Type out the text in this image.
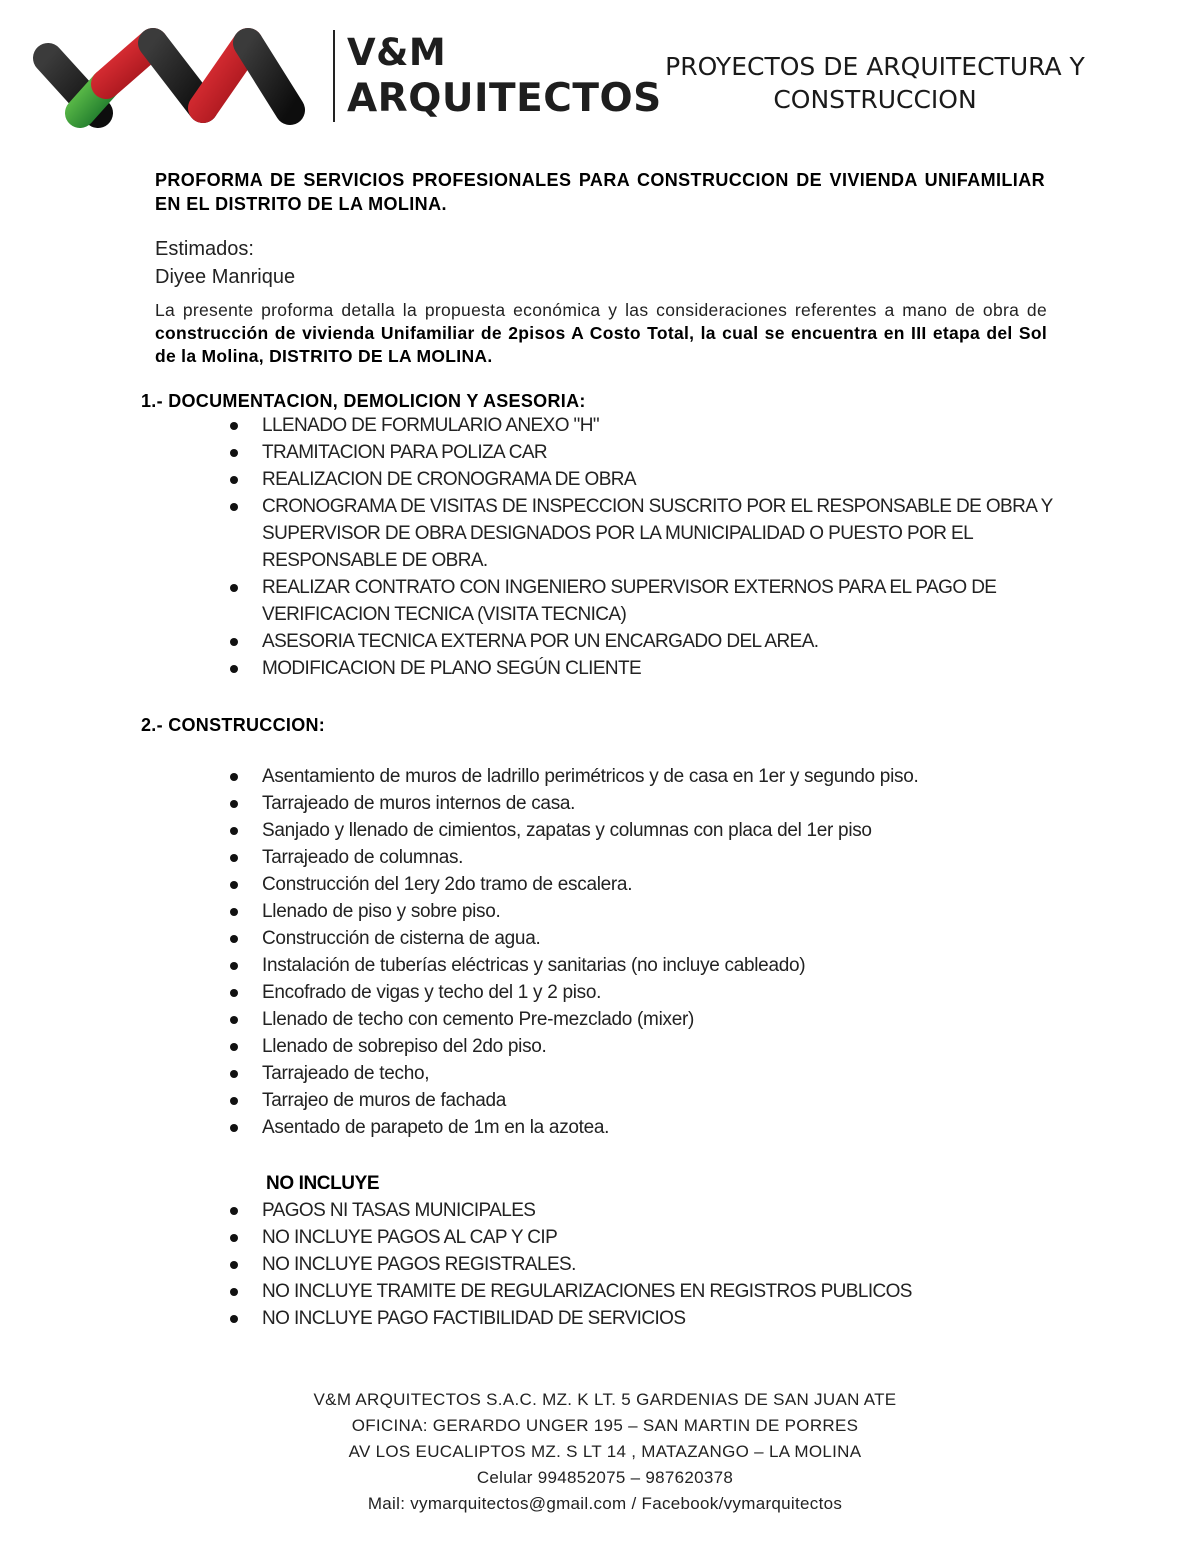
V&M
ARQUITECTOS
PROYECTOS DE ARQUITECTURA Y
CONSTRUCCION
PROFORMA DE SERVICIOS PROFESIONALES PARA CONSTRUCCION DE VIVIENDA UNIFAMILIAR EN EL DISTRITO DE LA MOLINA.
Estimados:
Diyee Manrique
La presente proforma detalla la propuesta económica y las consideraciones referentes a mano de obra de construcción de vivienda Unifamiliar de 2pisos A Costo Total, la cual se encuentra en III etapa del Sol de la Molina, DISTRITO DE LA MOLINA.
1.- DOCUMENTACION, DEMOLICION Y ASESORIA:
LLENADO DE FORMULARIO ANEXO "H"
TRAMITACION PARA POLIZA CAR
REALIZACION DE CRONOGRAMA DE OBRA
CRONOGRAMA DE VISITAS DE INSPECCION SUSCRITO POR EL RESPONSABLE DE OBRA Y SUPERVISOR DE OBRA DESIGNADOS POR LA MUNICIPALIDAD O PUESTO POR EL RESPONSABLE DE OBRA.
REALIZAR CONTRATO CON INGENIERO SUPERVISOR EXTERNOS PARA EL PAGO DE VERIFICACION TECNICA (VISITA TECNICA)
ASESORIA TECNICA EXTERNA POR UN ENCARGADO DEL AREA.
MODIFICACION DE PLANO SEGÚN CLIENTE
2.- CONSTRUCCION:
Asentamiento de muros de ladrillo perimétricos y de casa en 1er y segundo piso.
Tarrajeado de muros internos de casa.
Sanjado y llenado de cimientos, zapatas y columnas con placa del 1er piso
Tarrajeado de columnas.
Construcción del 1ery 2do tramo de escalera.
Llenado de piso y sobre piso.
Construcción de cisterna de agua.
Instalación de tuberías eléctricas y sanitarias (no incluye cableado)
Encofrado de vigas y techo del 1 y 2 piso.
Llenado de techo con cemento Pre-mezclado (mixer)
Llenado de sobrepiso del 2do piso.
Tarrajeado de techo,
Tarrajeo de muros de fachada
Asentado de parapeto de 1m en la azotea.
NO INCLUYE
PAGOS NI TASAS MUNICIPALES
NO INCLUYE PAGOS AL CAP Y CIP
NO INCLUYE PAGOS REGISTRALES.
NO INCLUYE TRAMITE DE REGULARIZACIONES EN REGISTROS PUBLICOS
NO INCLUYE PAGO FACTIBILIDAD DE SERVICIOS
V&M ARQUITECTOS S.A.C. MZ. K LT. 5 GARDENIAS DE SAN JUAN ATE
OFICINA: GERARDO UNGER 195 – SAN MARTIN DE PORRES
AV LOS EUCALIPTOS MZ. S LT 14 , MATAZANGO – LA MOLINA
Celular 994852075 – 987620378
Mail: vymarquitectos@gmail.com / Facebook/vymarquitectos
